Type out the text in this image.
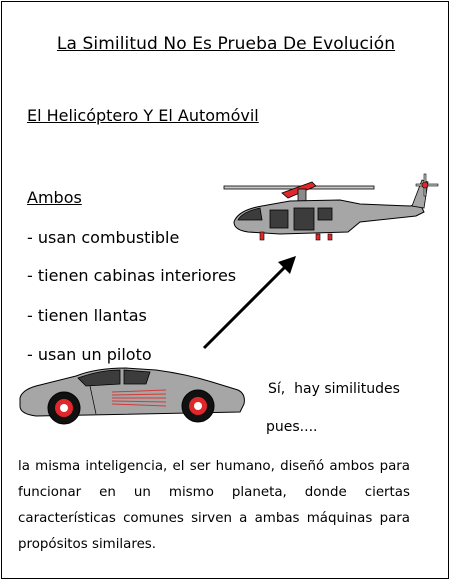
La Similitud No Es Prueba De Evolución
El Helicóptero Y El Automóvil
Ambos
- usan combustible
- tienen cabinas interiores
- tienen llantas
- usan un piloto
Sí,  hay similitudes
pues....
la misma inteligencia, el ser humano, diseñó ambos para funcionar en un mismo planeta, donde ciertas características comunes sirven a ambas máquinas para propósitos similares.
